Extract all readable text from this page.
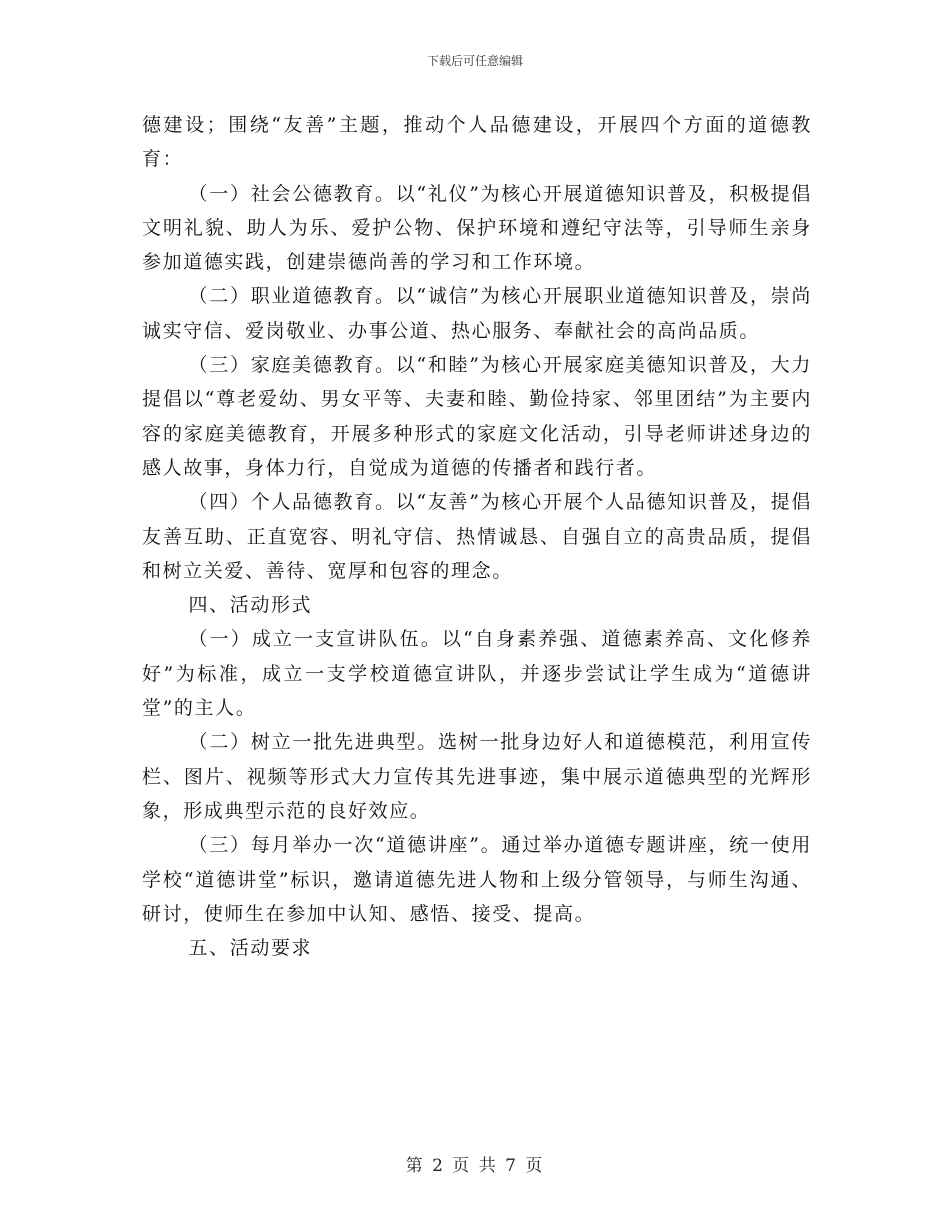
下载后可任意编辑

德建设；围绕“友善”主题，推动个人品德建设，开展四个方面的道德教育：

（一）社会公德教育。以“礼仪”为核心开展道德知识普及，积极提倡文明礼貌、助人为乐、爱护公物、保护环境和遵纪守法等，引导师生亲身参加道德实践，创建崇德尚善的学习和工作环境。

（二）职业道德教育。以“诚信”为核心开展职业道德知识普及，崇尚诚实守信、爱岗敬业、办事公道、热心服务、奉献社会的高尚品质。

（三）家庭美德教育。以“和睦”为核心开展家庭美德知识普及，大力提倡以“尊老爱幼、男女平等、夫妻和睦、勤俭持家、邻里团结”为主要内容的家庭美德教育，开展多种形式的家庭文化活动，引导老师讲述身边的感人故事，身体力行，自觉成为道德的传播者和践行者。

（四）个人品德教育。以“友善”为核心开展个人品德知识普及，提倡友善互助、正直宽容、明礼守信、热情诚恳、自强自立的高贵品质，提倡和树立关爱、善待、宽厚和包容的理念。

四、活动形式

（一）成立一支宣讲队伍。以“自身素养强、道德素养高、文化修养好”为标准，成立一支学校道德宣讲队，并逐步尝试让学生成为“道德讲堂”的主人。

（二）树立一批先进典型。选树一批身边好人和道德模范，利用宣传栏、图片、视频等形式大力宣传其先进事迹，集中展示道德典型的光辉形象，形成典型示范的良好效应。

（三）每月举办一次“道德讲座”。通过举办道德专题讲座，统一使用学校“道德讲堂”标识，邀请道德先进人物和上级分管领导，与师生沟通、研讨，使师生在参加中认知、感悟、接受、提高。

五、活动要求

第 2 页 共 7 页
